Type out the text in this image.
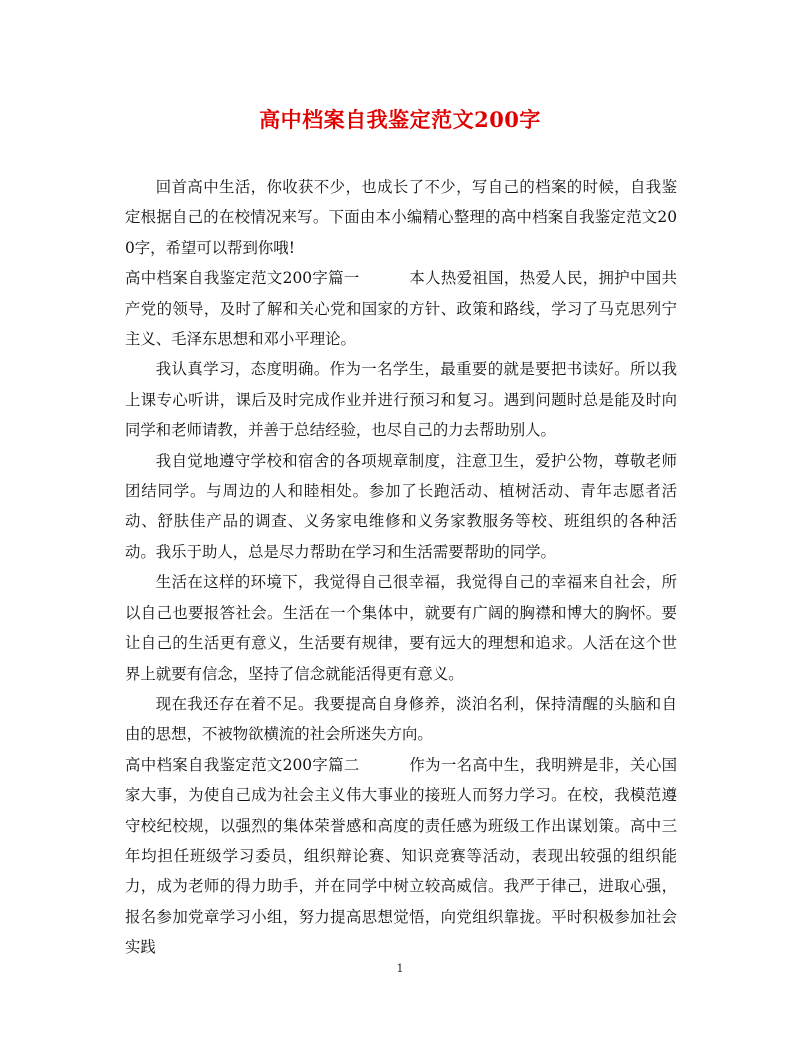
高中档案自我鉴定范文200字

回首高中生活，你收获不少，也成长了不少，写自己的档案的时候，自我鉴定根据自己的在校情况来写。下面由本小编精心整理的高中档案自我鉴定范文200字，希望可以帮到你哦!

高中档案自我鉴定范文200字篇一	本人热爱祖国，热爱人民，拥护中国共产党的领导，及时了解和关心党和国家的方针、政策和路线，学习了马克思列宁主义、毛泽东思想和邓小平理论。

我认真学习，态度明确。作为一名学生，最重要的就是要把书读好。所以我上课专心听讲，课后及时完成作业并进行预习和复习。遇到问题时总是能及时向同学和老师请教，并善于总结经验，也尽自己的力去帮助别人。

我自觉地遵守学校和宿舍的各项规章制度，注意卫生，爱护公物，尊敬老师团结同学。与周边的人和睦相处。参加了长跑活动、植树活动、青年志愿者活动、舒肤佳产品的调查、义务家电维修和义务家教服务等校、班组织的各种活动。我乐于助人，总是尽力帮助在学习和生活需要帮助的同学。

生活在这样的环境下，我觉得自己很幸福，我觉得自己的幸福来自社会，所以自己也要报答社会。生活在一个集体中，就要有广阔的胸襟和博大的胸怀。要让自己的生活更有意义，生活要有规律，要有远大的理想和追求。人活在这个世界上就要有信念，坚持了信念就能活得更有意义。

现在我还存在着不足。我要提高自身修养，淡泊名利，保持清醒的头脑和自由的思想，不被物欲横流的社会所迷失方向。

高中档案自我鉴定范文200字篇二	作为一名高中生，我明辨是非，关心国家大事，为使自己成为社会主义伟大事业的接班人而努力学习。在校，我模范遵守校纪校规，以强烈的集体荣誉感和高度的责任感为班级工作出谋划策。高中三年均担任班级学习委员，组织辩论赛、知识竞赛等活动，表现出较强的组织能力，成为老师的得力助手，并在同学中树立较高威信。我严于律己，进取心强，报名参加党章学习小组，努力提高思想觉悟，向党组织靠拢。平时积极参加社会实践

1
